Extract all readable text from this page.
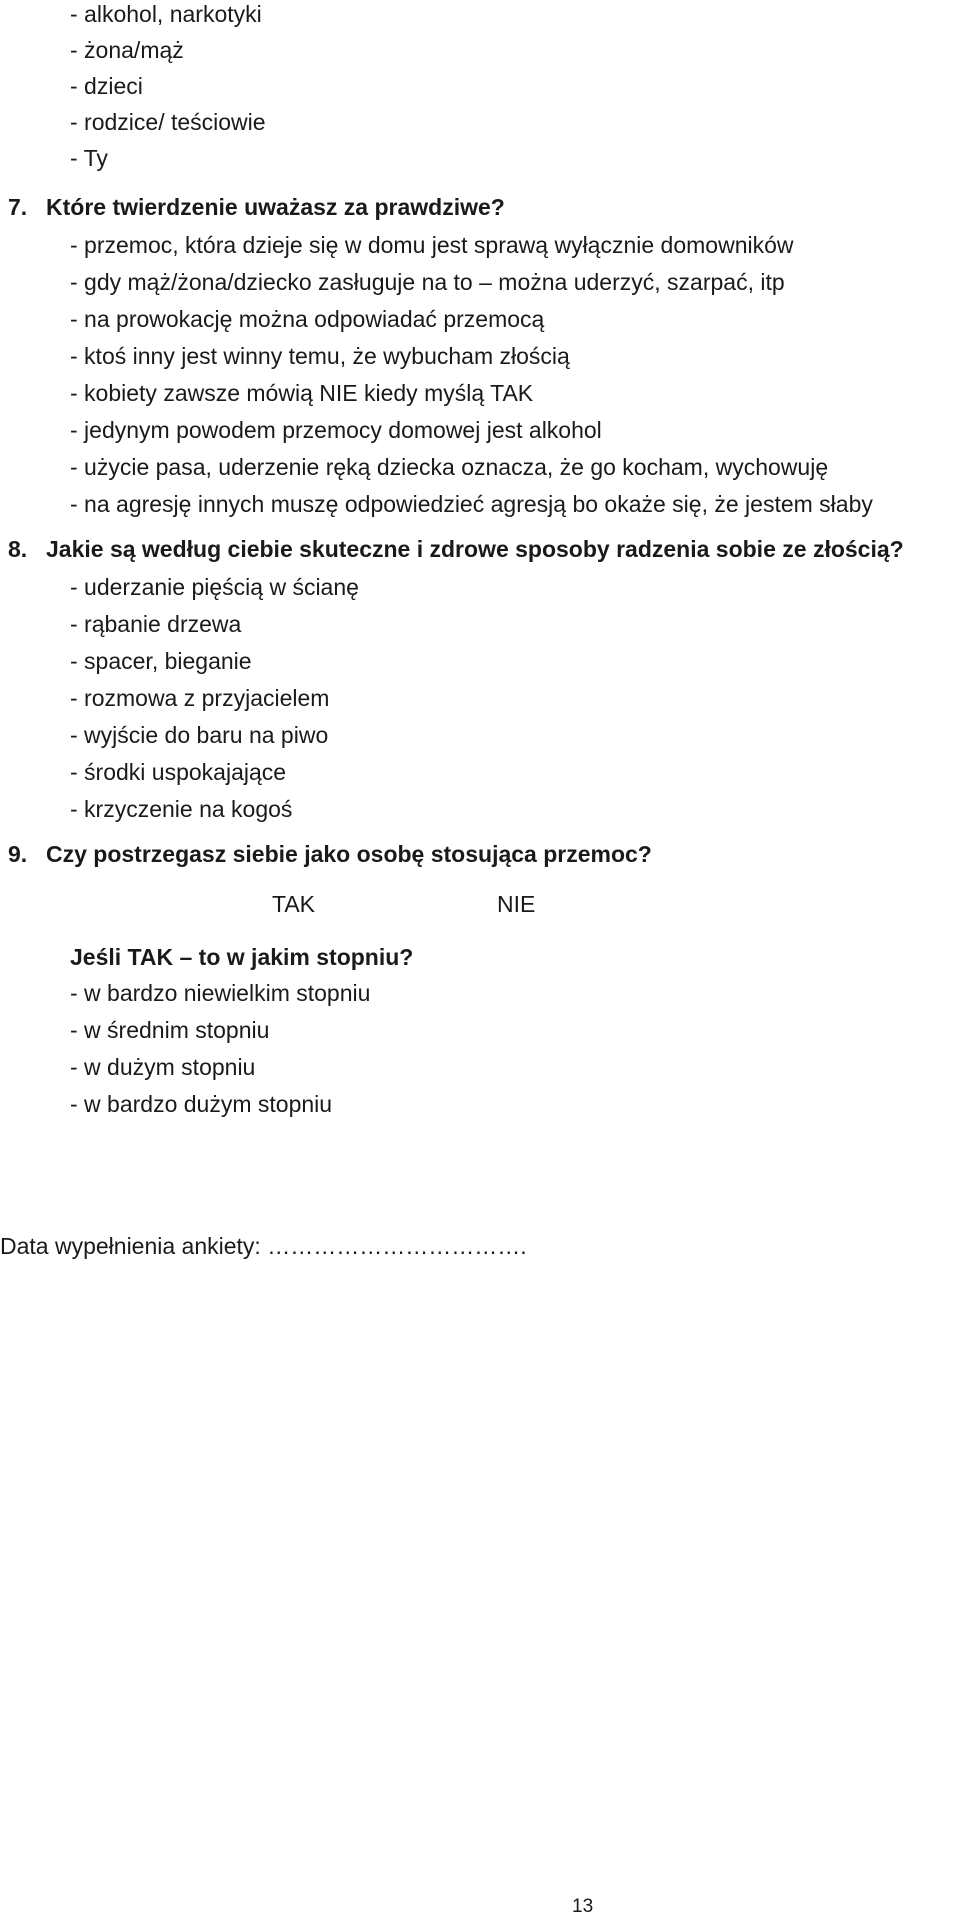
- alkohol, narkotyki
- żona/mąż
- dzieci
- rodzice/ teściowie
- Ty
7. Które twierdzenie uważasz za prawdziwe?
- przemoc, która dzieje się w domu jest sprawą wyłącznie domowników
- gdy mąż/żona/dziecko zasługuje na to – można uderzyć, szarpać, itp
- na prowokację można odpowiadać przemocą
- ktoś inny jest winny temu, że wybucham złością
- kobiety zawsze mówią NIE kiedy myślą TAK
- jedynym powodem przemocy domowej jest alkohol
- użycie pasa, uderzenie ręką dziecka oznacza, że go kocham, wychowuję
- na agresję innych muszę odpowiedzieć agresją bo okaże się, że jestem słaby
8. Jakie są według ciebie skuteczne i zdrowe sposoby radzenia sobie ze złością?
- uderzanie pięścią w ścianę
- rąbanie drzewa
- spacer, bieganie
- rozmowa z przyjacielem
- wyjście do baru na piwo
- środki uspokajające
- krzyczenie na kogoś
9. Czy postrzegasz siebie jako osobę stosująca przemoc?
TAK	NIE
Jeśli TAK – to w jakim stopniu?
- w bardzo niewielkim stopniu
- w średnim stopniu
- w dużym stopniu
- w bardzo dużym stopniu
Data wypełnienia ankiety: …………………………….
13
